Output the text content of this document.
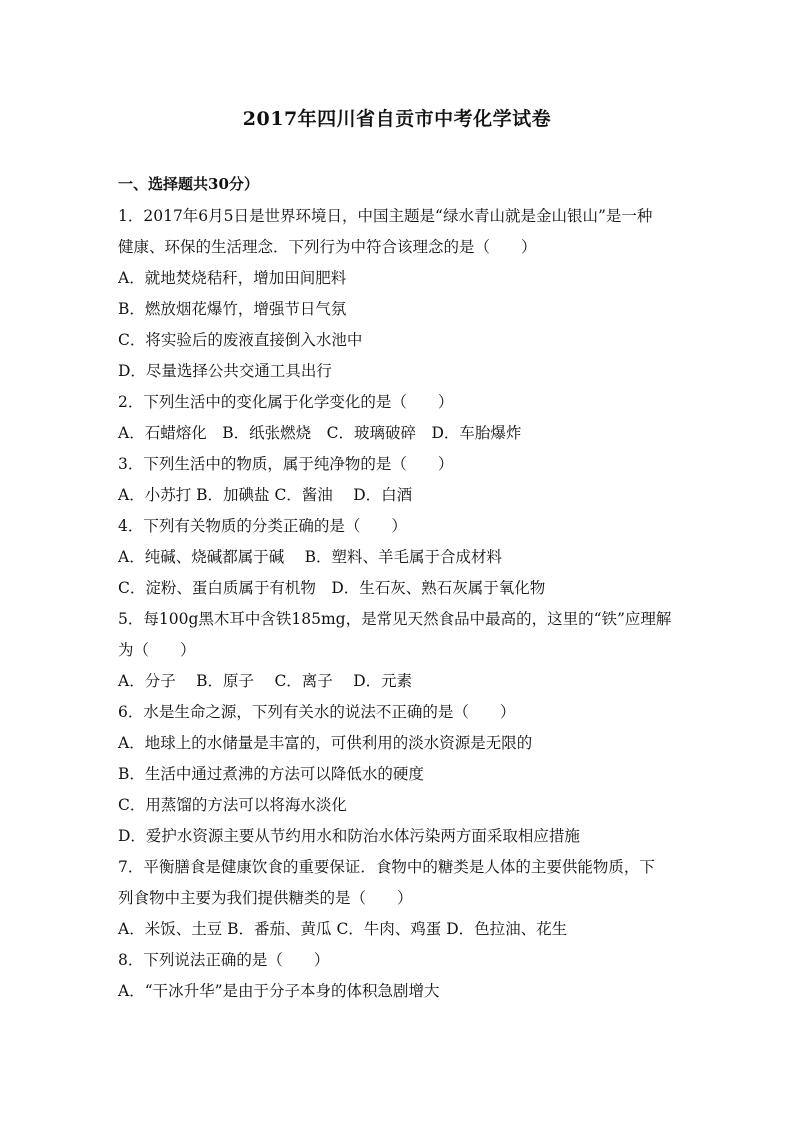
2017年四川省自贡市中考化学试卷
一、选择题共30分）
1．2017年6月5日是世界环境日，中国主题是“绿水青山就是金山银山”是一种
健康、环保的生活理念．下列行为中符合该理念的是（　　）
A．就地焚烧秸秆，增加田间肥料
B．燃放烟花爆竹，增强节日气氛
C．将实验后的废液直接倒入水池中
D．尽量选择公共交通工具出行
2．下列生活中的变化属于化学变化的是（　　）
A．石蜡熔化　B．纸张燃烧　C．玻璃破碎　D．车胎爆炸
3．下列生活中的物质，属于纯净物的是（　　）
A．小苏打 B．加碘盐 C．酱油　 D．白酒
4．下列有关物质的分类正确的是（　　）
A．纯碱、烧碱都属于碱　 B．塑料、羊毛属于合成材料
C．淀粉、蛋白质属于有机物　D．生石灰、熟石灰属于氧化物
5．每100g黑木耳中含铁185mg，是常见天然食品中最高的，这里的“铁”应理解
为（　　）
A．分子　 B．原子　 C．离子　 D．元素
6．水是生命之源，下列有关水的说法不正确的是（　　）
A．地球上的水储量是丰富的，可供利用的淡水资源是无限的
B．生活中通过煮沸的方法可以降低水的硬度
C．用蒸馏的方法可以将海水淡化
D．爱护水资源主要从节约用水和防治水体污染两方面采取相应措施
7．平衡膳食是健康饮食的重要保证．食物中的糖类是人体的主要供能物质，下
列食物中主要为我们提供糖类的是（　　）
A．米饭、土豆 B．番茄、黄瓜 C．牛肉、鸡蛋 D．色拉油、花生
8．下列说法正确的是（　　）
A．“干冰升华”是由于分子本身的体积急剧增大
